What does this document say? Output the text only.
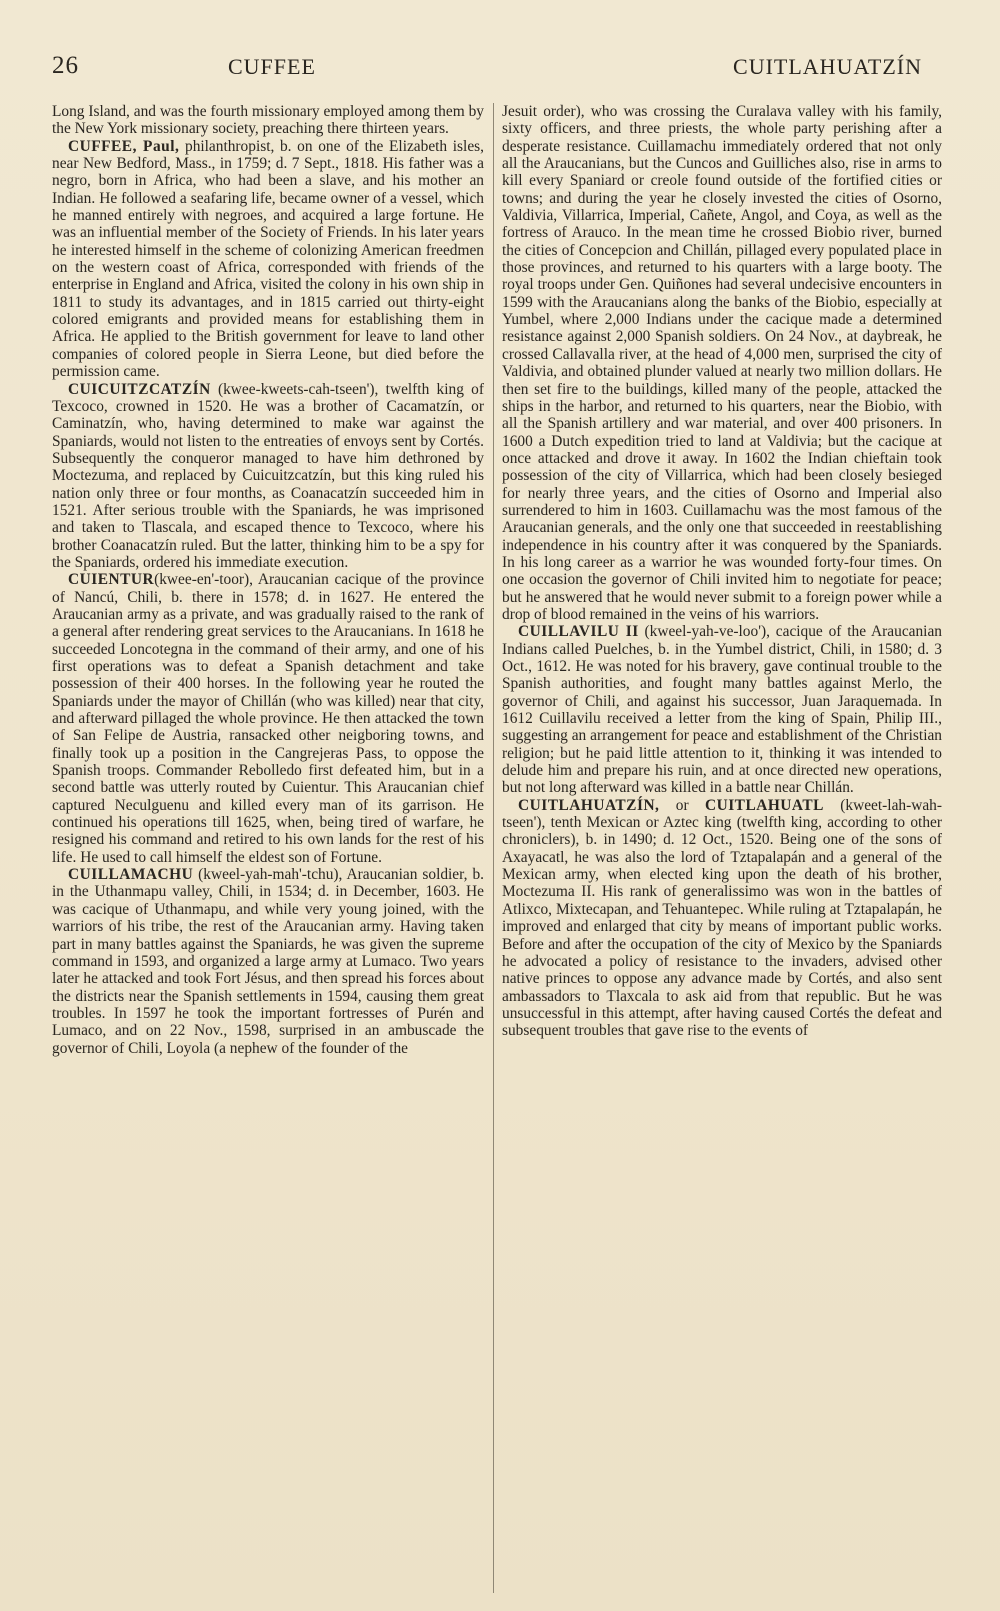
26	CUFFEE	CUITLAHUATZÍN

Long Island, and was the fourth missionary employed among them by the New York missionary society, preaching there thirteen years.

CUFFEE, Paul, philanthropist, b. on one of the Elizabeth isles, near New Bedford, Mass., in 1759; d. 7 Sept., 1818. His father was a negro, born in Africa, who had been a slave, and his mother an Indian. He followed a seafaring life, became owner of a vessel, which he manned entirely with negroes, and acquired a large fortune. He was an influential member of the Society of Friends. In his later years he interested himself in the scheme of colonizing American freedmen on the western coast of Africa, corresponded with friends of the enterprise in England and Africa, visited the colony in his own ship in 1811 to study its advantages, and in 1815 carried out thirty-eight colored emigrants and provided means for establishing them in Africa. He applied to the British government for leave to land other companies of colored people in Sierra Leone, but died before the permission came.

CUICUITZCATZÍN (kwee-kweets-cah-tseen'), twelfth king of Texcoco, crowned in 1520. He was a brother of Cacamatzín, or Caminatzín, who, having determined to make war against the Spaniards, would not listen to the entreaties of envoys sent by Cortés. Subsequently the conqueror managed to have him dethroned by Moctezuma, and replaced by Cuicuitzcatzín, but this king ruled his nation only three or four months, as Coanacatzín succeeded him in 1521. After serious trouble with the Spaniards, he was imprisoned and taken to Tlascala, and escaped thence to Texcoco, where his brother Coanacatzín ruled. But the latter, thinking him to be a spy for the Spaniards, ordered his immediate execution.

CUIENTUR(kwee-en'-toor), Araucanian cacique of the province of Nancú, Chili, b. there in 1578; d. in 1627. He entered the Araucanian army as a private, and was gradually raised to the rank of a general after rendering great services to the Araucanians. In 1618 he succeeded Loncotegna in the command of their army, and one of his first operations was to defeat a Spanish detachment and take possession of their 400 horses. In the following year he routed the Spaniards under the mayor of Chillán (who was killed) near that city, and afterward pillaged the whole province. He then attacked the town of San Felipe de Austria, ransacked other neigboring towns, and finally took up a position in the Cangrejeras Pass, to oppose the Spanish troops. Commander Rebolledo first defeated him, but in a second battle was utterly routed by Cuientur. This Araucanian chief captured Neculguenu and killed every man of its garrison. He continued his operations till 1625, when, being tired of warfare, he resigned his command and retired to his own lands for the rest of his life. He used to call himself the eldest son of Fortune.

CUILLAMACHU (kweel-yah-mah'-tchu), Araucanian soldier, b. in the Uthanmapu valley, Chili, in 1534; d. in December, 1603. He was cacique of Uthanmapu, and while very young joined, with the warriors of his tribe, the rest of the Araucanian army. Having taken part in many battles against the Spaniards, he was given the supreme command in 1593, and organized a large army at Lumaco. Two years later he attacked and took Fort Jésus, and then spread his forces about the districts near the Spanish settlements in 1594, causing them great troubles. In 1597 he took the important fortresses of Purén and Lumaco, and on 22 Nov., 1598, surprised in an ambuscade the governor of Chili, Loyola (a nephew of the founder of the

Jesuit order), who was crossing the Curalava valley with his family, sixty officers, and three priests, the whole party perishing after a desperate resistance. Cuillamachu immediately ordered that not only all the Araucanians, but the Cuncos and Guilliches also, rise in arms to kill every Spaniard or creole found outside of the fortified cities or towns; and during the year he closely invested the cities of Osorno, Valdivia, Villarrica, Imperial, Cañete, Angol, and Coya, as well as the fortress of Arauco. In the mean time he crossed Biobio river, burned the cities of Concepcion and Chillán, pillaged every populated place in those provinces, and returned to his quarters with a large booty. The royal troops under Gen. Quiñones had several undecisive encounters in 1599 with the Araucanians along the banks of the Biobio, especially at Yumbel, where 2,000 Indians under the cacique made a determined resistance against 2,000 Spanish soldiers. On 24 Nov., at daybreak, he crossed Callavalla river, at the head of 4,000 men, surprised the city of Valdivia, and obtained plunder valued at nearly two million dollars. He then set fire to the buildings, killed many of the people, attacked the ships in the harbor, and returned to his quarters, near the Biobio, with all the Spanish artillery and war material, and over 400 prisoners. In 1600 a Dutch expedition tried to land at Valdivia; but the cacique at once attacked and drove it away. In 1602 the Indian chieftain took possession of the city of Villarrica, which had been closely besieged for nearly three years, and the cities of Osorno and Imperial also surrendered to him in 1603. Cuillamachu was the most famous of the Araucanian generals, and the only one that succeeded in reestablishing independence in his country after it was conquered by the Spaniards. In his long career as a warrior he was wounded forty-four times. On one occasion the governor of Chili invited him to negotiate for peace; but he answered that he would never submit to a foreign power while a drop of blood remained in the veins of his warriors.

CUILLAVILU II (kweel-yah-ve-loo'), cacique of the Araucanian Indians called Puelches, b. in the Yumbel district, Chili, in 1580; d. 3 Oct., 1612. He was noted for his bravery, gave continual trouble to the Spanish authorities, and fought many battles against Merlo, the governor of Chili, and against his successor, Juan Jaraquemada. In 1612 Cuillavilu received a letter from the king of Spain, Philip III., suggesting an arrangement for peace and establishment of the Christian religion; but he paid little attention to it, thinking it was intended to delude him and prepare his ruin, and at once directed new operations, but not long afterward was killed in a battle near Chillán.

CUITLAHUATZÍN, or CUITLAHUATL (kweet-lah-wah-tseen'), tenth Mexican or Aztec king (twelfth king, according to other chroniclers), b. in 1490; d. 12 Oct., 1520. Being one of the sons of Axayacatl, he was also the lord of Tztapalapán and a general of the Mexican army, when elected king upon the death of his brother, Moctezuma II. His rank of generalissimo was won in the battles of Atlixco, Mixtecapan, and Tehuantepec. While ruling at Tztapalapán, he improved and enlarged that city by means of important public works. Before and after the occupation of the city of Mexico by the Spaniards he advocated a policy of resistance to the invaders, advised other native princes to oppose any advance made by Cortés, and also sent ambassadors to Tlaxcala to ask aid from that republic. But he was unsuccessful in this attempt, after having caused Cortés the defeat and subsequent troubles that gave rise to the events of
